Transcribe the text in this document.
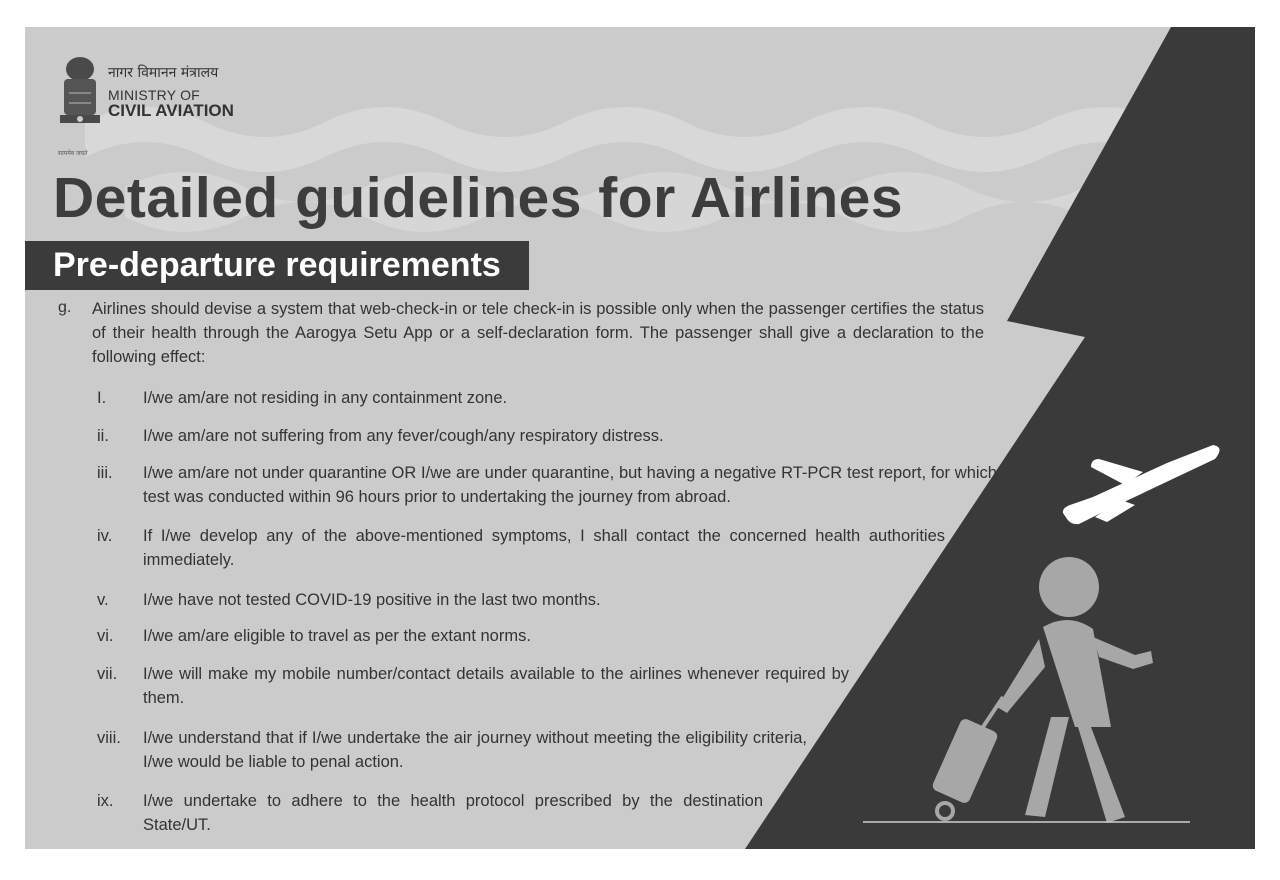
सत्यमेव जयते
नागर विमानन मंत्रालय
MINISTRY OF
CIVIL AVIATION
Detailed guidelines for Airlines
Pre-departure requirements
g. Airlines should devise a system that web-check-in or tele check-in is possible only when the passenger certifies the status of their health through the Aarogya Setu App or a self-declaration form. The passenger shall give a declaration to the following effect:

I. I/we am/are not residing in any containment zone.

ii. I/we am/are not suffering from any fever/cough/any respiratory distress.

iii. I/we am/are not under quarantine OR I/we are under quarantine, but having a negative RT-PCR test report, for which test was conducted within 96 hours prior to undertaking the journey from abroad.

iv. If I/we develop any of the above-mentioned symptoms, I shall contact the concerned health authorities immediately.

v. I/we have not tested COVID-19 positive in the last two months.

vi. I/we am/are eligible to travel as per the extant norms.

vii. I/we will make my mobile number/contact details available to the airlines whenever required by them.

viii. I/we understand that if I/we undertake the air journey without meeting the eligibility criteria, I/we would be liable to penal action.

ix. I/we undertake to adhere to the health protocol prescribed by the destination State/UT.
